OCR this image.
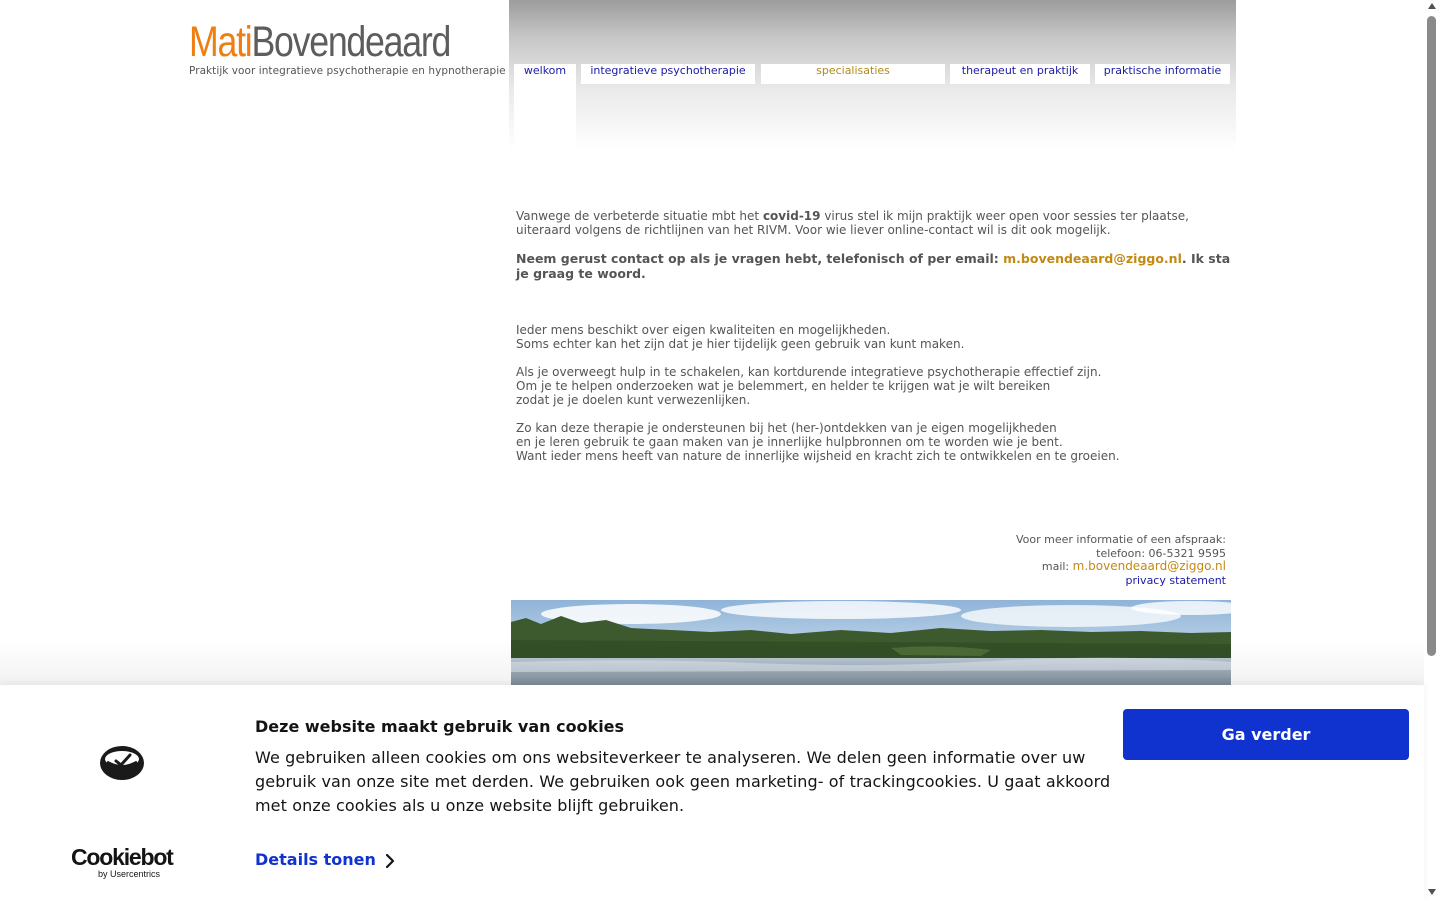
MatiBovendeaard
Praktijk voor integratieve psychotherapie en hypnotherapie	welkom	integratieve psychotherapie	specialisaties	therapeut en praktijk	praktische informatie

Vanwege de verbeterde situatie mbt het covid-19 virus stel ik mijn praktijk weer open voor sessies ter plaatse, uiteraard volgens de richtlijnen van het RIVM. Voor wie liever online-contact wil is dit ook mogelijk.

Neem gerust contact op als je vragen hebt, telefonisch of per email: m.bovendeaard@ziggo.nl. Ik sta je graag te woord.

Ieder mens beschikt over eigen kwaliteiten en mogelijkheden.
Soms echter kan het zijn dat je hier tijdelijk geen gebruik van kunt maken.

Als je overweegt hulp in te schakelen, kan kortdurende integratieve psychotherapie effectief zijn.
Om je te helpen onderzoeken wat je belemmert, en helder te krijgen wat je wilt bereiken
zodat je je doelen kunt verwezenlijken.

Zo kan deze therapie je ondersteunen bij het (her-)ontdekken van je eigen mogelijkheden
en je leren gebruik te gaan maken van je innerlijke hulpbronnen om te worden wie je bent.
Want ieder mens heeft van nature de innerlijke wijsheid en kracht zich te ontwikkelen en te groeien.

Voor meer informatie of een afspraak:
telefoon: 06-5321 9595
mail: m.bovendeaard@ziggo.nl
privacy statement
Cookiebot
by Usercentrics
Deze website maakt gebruik van cookies
We gebruiken alleen cookies om ons websiteverkeer te analyseren. We delen geen informatie over uw gebruik van onze site met derden. We gebruiken ook geen marketing- of trackingcookies. U gaat akkoord met onze cookies als u onze website blijft gebruiken.
Details tonen
Ga verder
